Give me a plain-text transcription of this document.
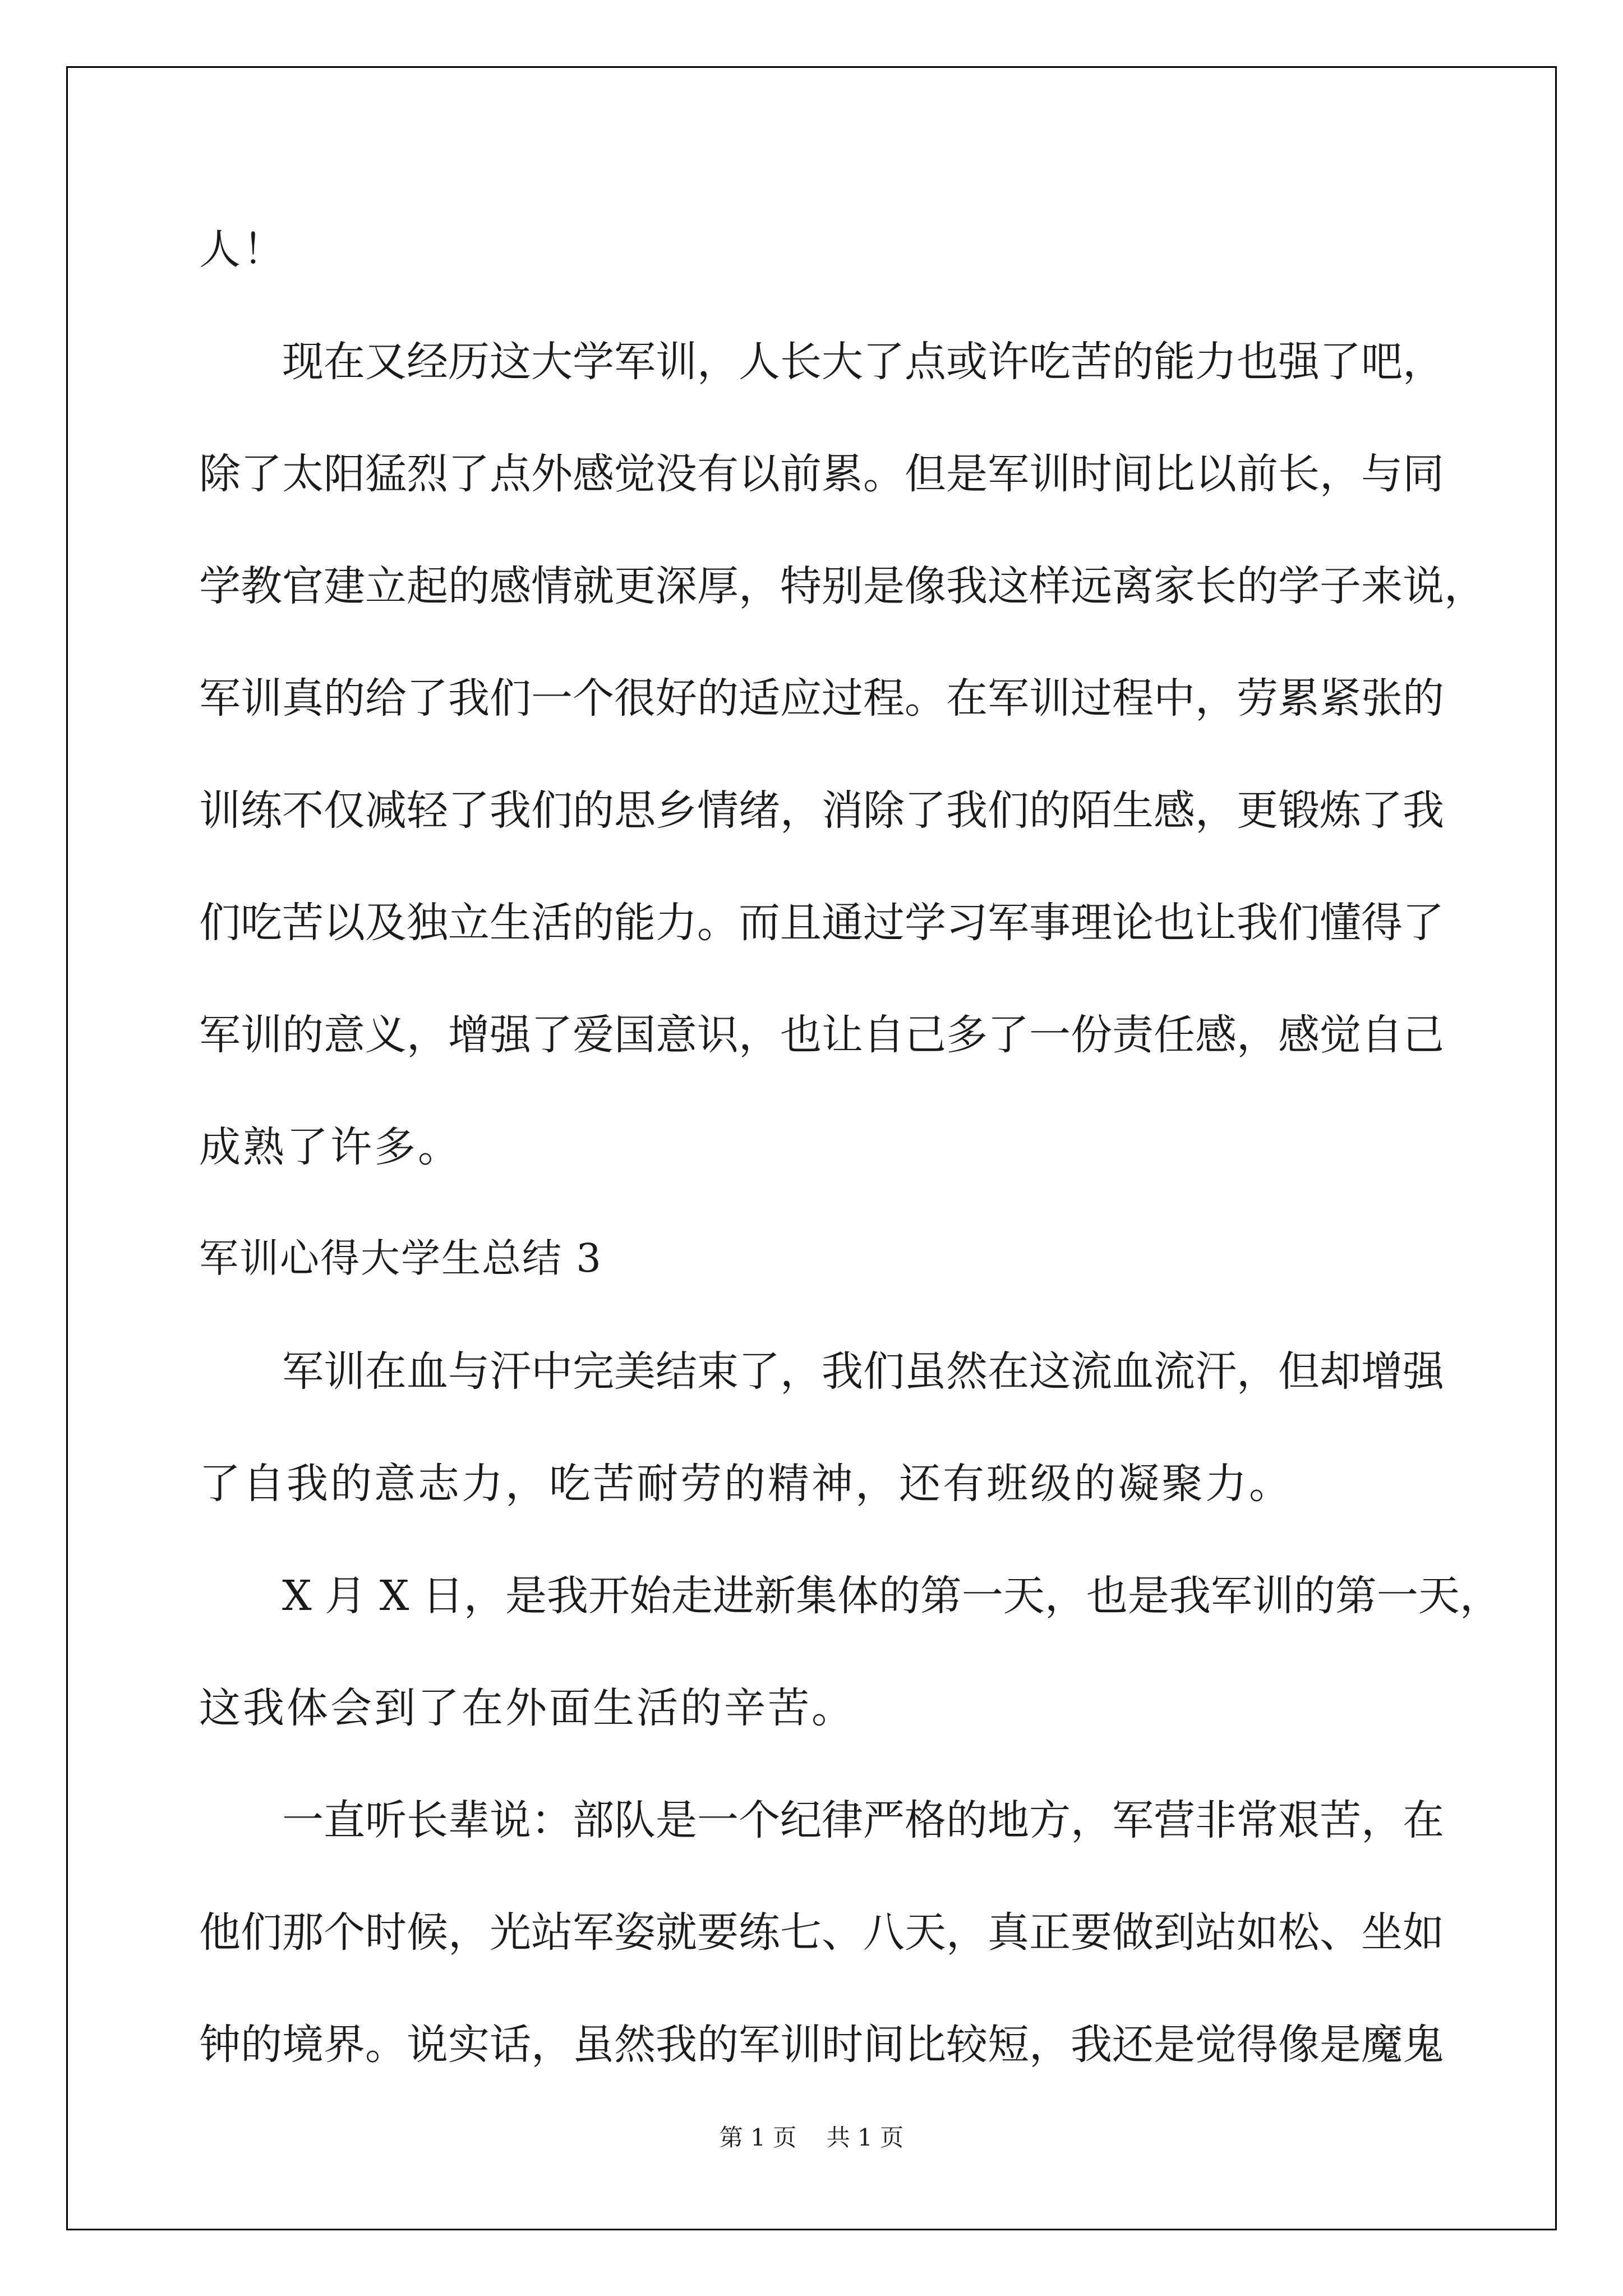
人！
现在又经历这大学军训，人长大了点或许吃苦的能力也强了吧，
除了太阳猛烈了点外感觉没有以前累。但是军训时间比以前长，与同
学教官建立起的感情就更深厚，特别是像我这样远离家长的学子来说，
军训真的给了我们一个很好的适应过程。在军训过程中，劳累紧张的
训练不仅减轻了我们的思乡情绪，消除了我们的陌生感，更锻炼了我
们吃苦以及独立生活的能力。而且通过学习军事理论也让我们懂得了
军训的意义，增强了爱国意识，也让自己多了一份责任感，感觉自己
成熟了许多。
军训心得大学生总结 3
军训在血与汗中完美结束了，我们虽然在这流血流汗，但却增强
了自我的意志力，吃苦耐劳的精神，还有班级的凝聚力。
X 月 X 日，是我开始走进新集体的第一天，也是我军训的第一天，
这我体会到了在外面生活的辛苦。
一直听长辈说：部队是一个纪律严格的地方，军营非常艰苦，在
他们那个时候，光站军姿就要练七、八天，真正要做到站如松、坐如
钟的境界。说实话，虽然我的军训时间比较短，我还是觉得像是魔鬼
第 1 页    共 1 页
